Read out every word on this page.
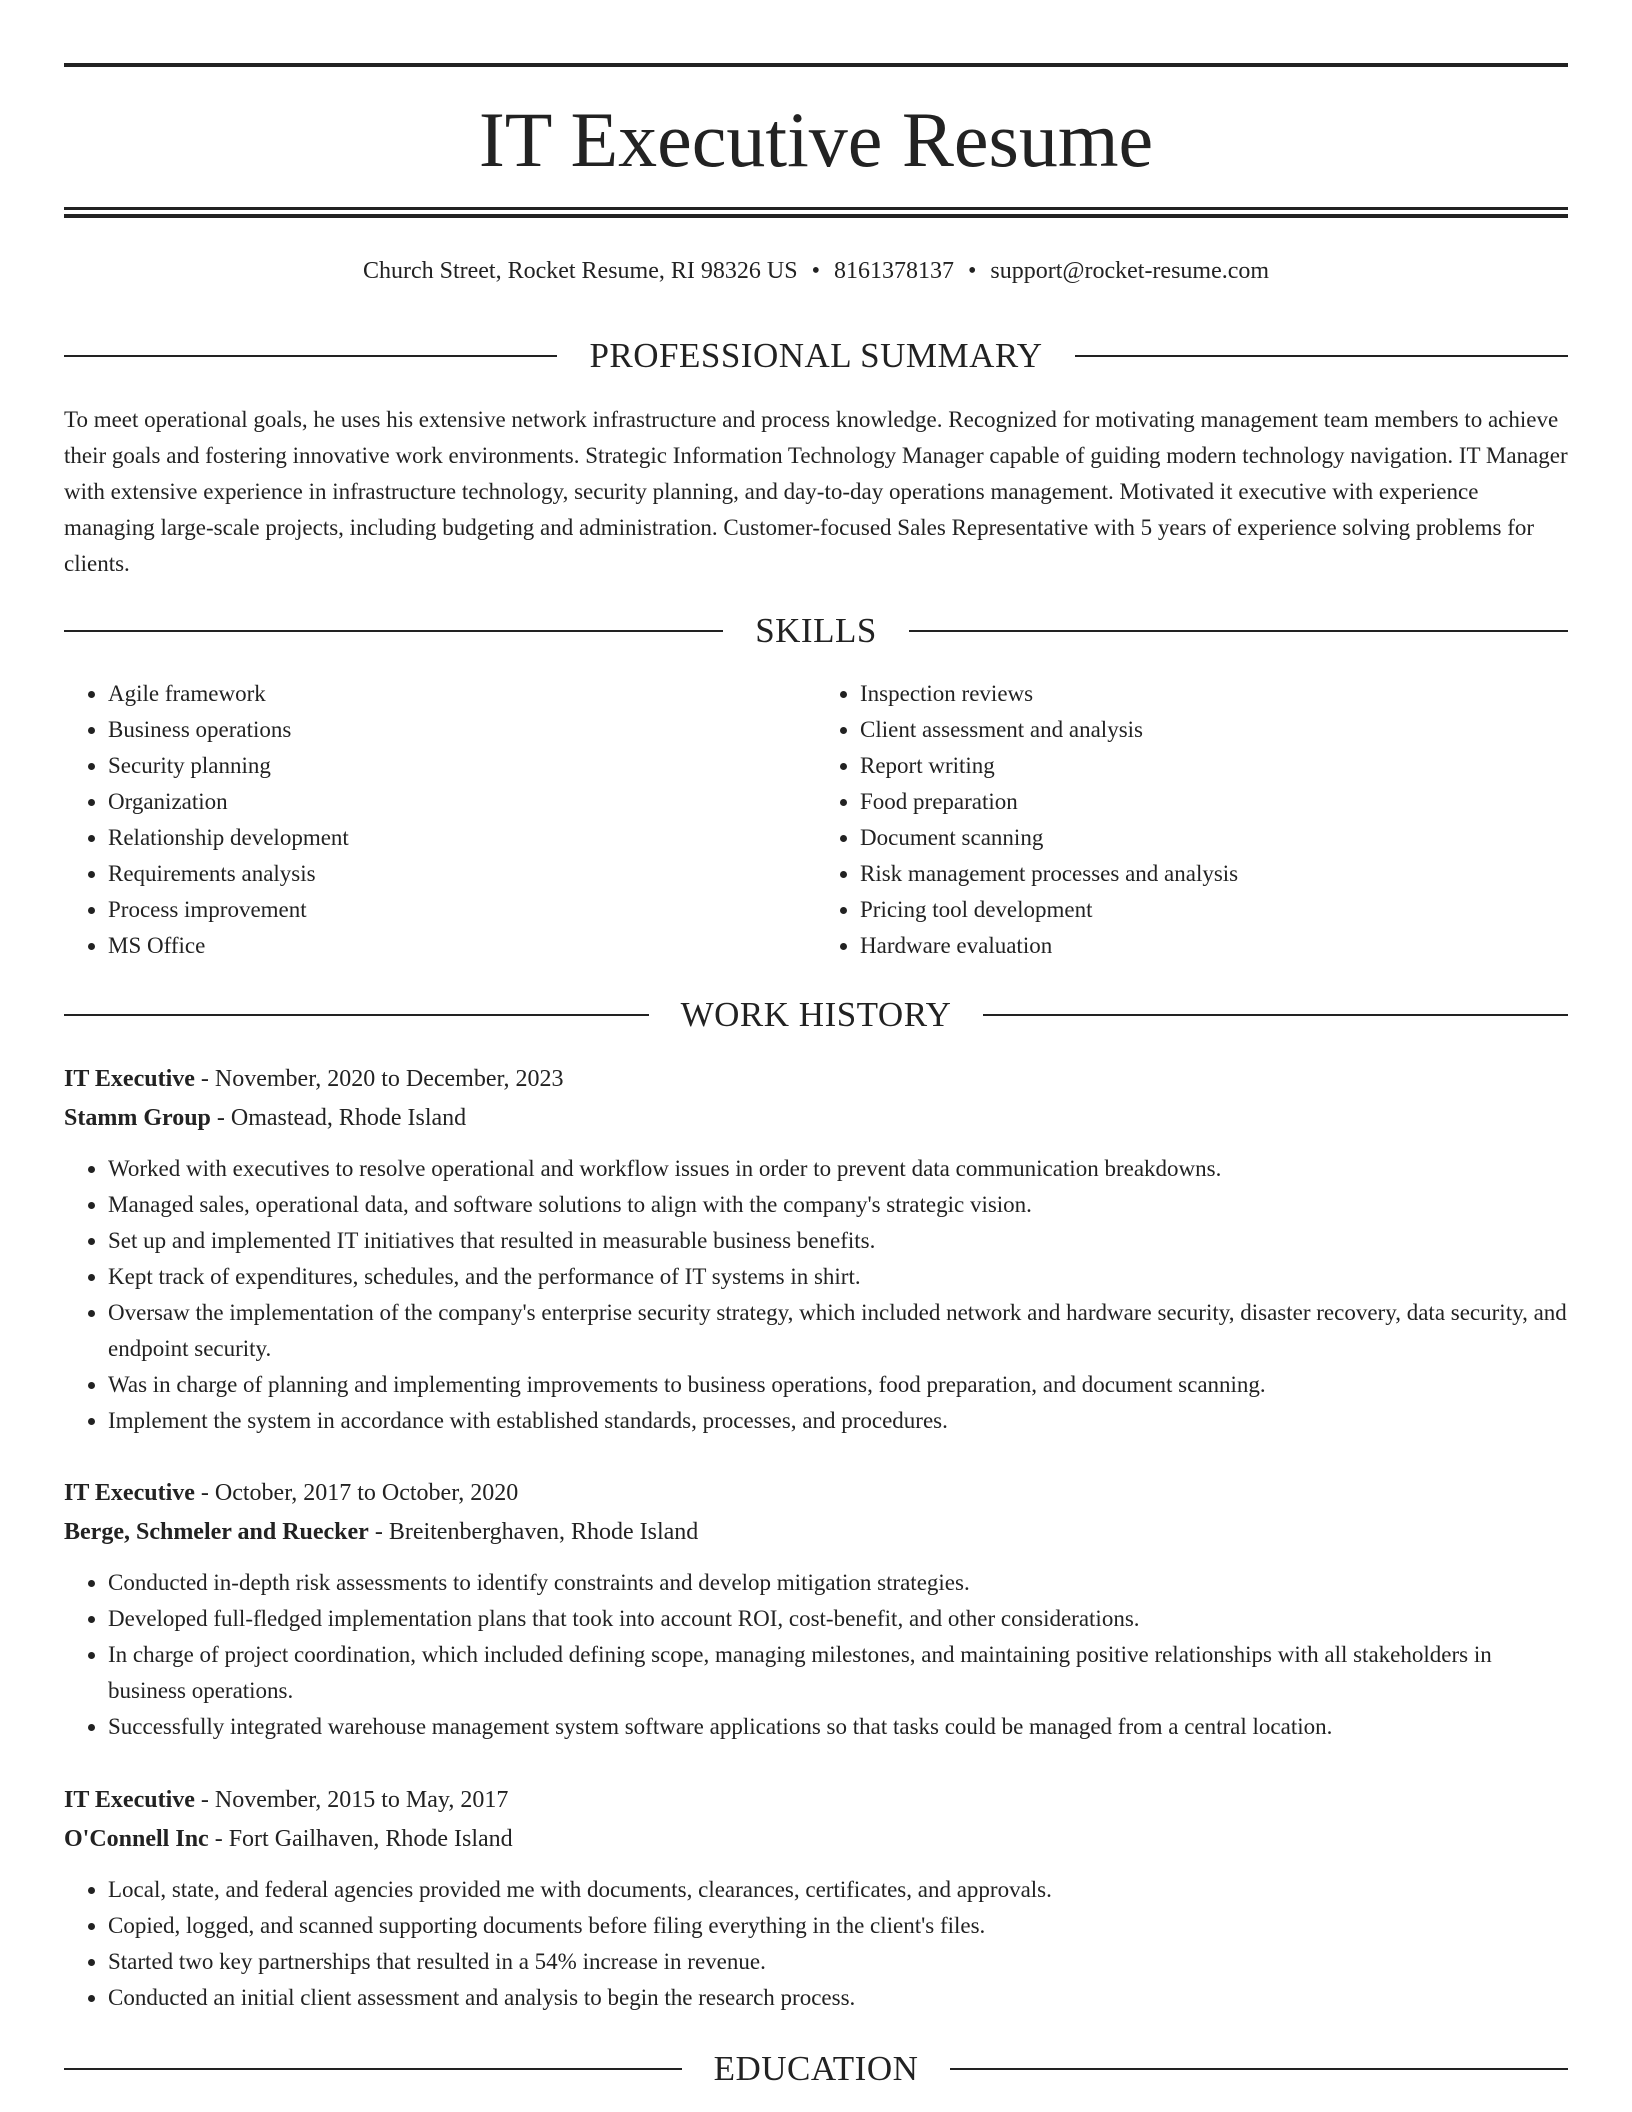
IT Executive Resume
Church Street, Rocket Resume, RI 98326 US • 8161378137 • support@rocket-resume.com
PROFESSIONAL SUMMARY

To meet operational goals, he uses his extensive network infrastructure and process knowledge. Recognized for motivating management team members to achieve their goals and fostering innovative work environments. Strategic Information Technology Manager capable of guiding modern technology navigation. IT Manager with extensive experience in infrastructure technology, security planning, and day-to-day operations management. Motivated it executive with experience managing large-scale projects, including budgeting and administration. Customer-focused Sales Representative with 5 years of experience solving problems for clients.

SKILLS
• Agile framework
• Business operations
• Security planning
• Organization
• Relationship development
• Requirements analysis
• Process improvement
• MS Office
• Inspection reviews
• Client assessment and analysis
• Report writing
• Food preparation
• Document scanning
• Risk management processes and analysis
• Pricing tool development
• Hardware evaluation
WORK HISTORY
IT Executive - November, 2020 to December, 2023
Stamm Group - Omastead, Rhode Island
• Worked with executives to resolve operational and workflow issues in order to prevent data communication breakdowns.
• Managed sales, operational data, and software solutions to align with the company's strategic vision.
• Set up and implemented IT initiatives that resulted in measurable business benefits.
• Kept track of expenditures, schedules, and the performance of IT systems in shirt.
• Oversaw the implementation of the company's enterprise security strategy, which included network and hardware security, disaster recovery, data security, and endpoint security.
• Was in charge of planning and implementing improvements to business operations, food preparation, and document scanning.
• Implement the system in accordance with established standards, processes, and procedures.
IT Executive - October, 2017 to October, 2020
Berge, Schmeler and Ruecker - Breitenberghaven, Rhode Island
• Conducted in-depth risk assessments to identify constraints and develop mitigation strategies.
• Developed full-fledged implementation plans that took into account ROI, cost-benefit, and other considerations.
• In charge of project coordination, which included defining scope, managing milestones, and maintaining positive relationships with all stakeholders in business operations.
• Successfully integrated warehouse management system software applications so that tasks could be managed from a central location.
IT Executive - November, 2015 to May, 2017
O'Connell Inc - Fort Gailhaven, Rhode Island
• Local, state, and federal agencies provided me with documents, clearances, certificates, and approvals.
• Copied, logged, and scanned supporting documents before filing everything in the client's files.
• Started two key partnerships that resulted in a 54% increase in revenue.
• Conducted an initial client assessment and analysis to begin the research process.
EDUCATION
